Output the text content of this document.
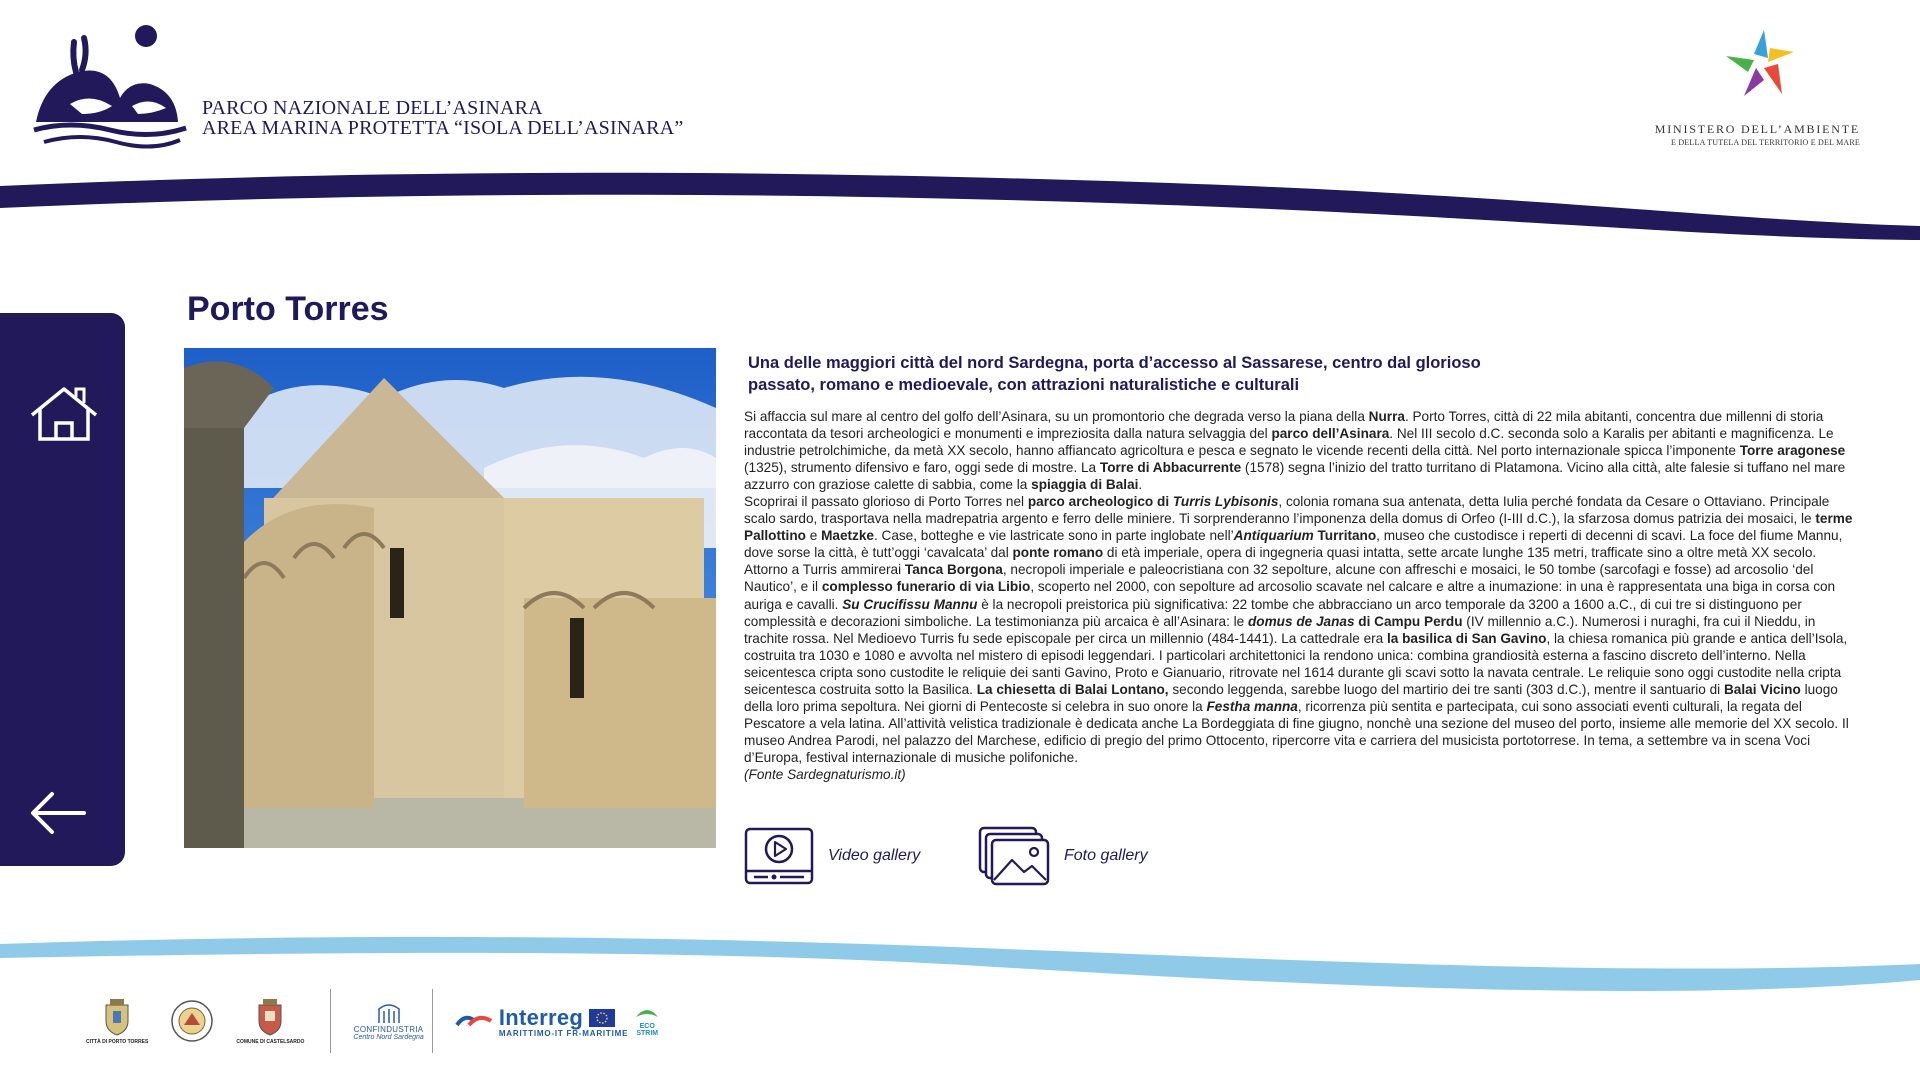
PARCO NAZIONALE DELL’ASINARA
AREA MARINA PROTETTA “ISOLA DELL’ASINARA”	MINISTERO DELL’AMBIENTE
E DELLA TUTELA DEL TERRITORIO E DEL MARE
Porto Torres
Una delle maggiori città del nord Sardegna, porta d’accesso al Sassarese, centro dal glorioso passato, romano e medioevale, con attrazioni naturalistiche e culturali

Si affaccia sul mare al centro del golfo dell’Asinara, su un promontorio che degrada verso la piana della Nurra. Porto Torres, città di 22 mila abitanti, concentra due millenni di storia raccontata da tesori archeologici e monumenti e impreziosita dalla natura selvaggia del parco dell’Asinara. Nel III secolo d.C. seconda solo a Karalis per abitanti e magnificenza. Le industrie petrolchimiche, da metà XX secolo, hanno affiancato agricoltura e pesca e segnato le vicende recenti della città. Nel porto internazionale spicca l’imponente Torre aragonese (1325), strumento difensivo e faro, oggi sede di mostre. La Torre di Abbacurrente (1578) segna l’inizio del tratto turritano di Platamona. Vicino alla città, alte falesie si tuffano nel mare azzurro con graziose calette di sabbia, come la spiaggia di Balai.

Scoprirai il passato glorioso di Porto Torres nel parco archeologico di Turris Lybisonis, colonia romana sua antenata, detta Iulia perché fondata da Cesare o Ottaviano. Principale scalo sardo, trasportava nella madrepatria argento e ferro delle miniere. Ti sorprenderanno l’imponenza della domus di Orfeo (I-III d.C.), la sfarzosa domus patrizia dei mosaici, le terme Pallottino e Maetzke. Case, botteghe e vie lastricate sono in parte inglobate nell’Antiquarium Turritano, museo che custodisce i reperti di decenni di scavi. La foce del fiume Mannu, dove sorse la città, è tutt’oggi ‘cavalcata’ dal ponte romano di età imperiale, opera di ingegneria quasi intatta, sette arcate lunghe 135 metri, trafficate sino a oltre metà XX secolo. Attorno a Turris ammirerai Tanca Borgona, necropoli imperiale e paleocristiana con 32 sepolture, alcune con affreschi e mosaici, le 50 tombe (sarcofagi e fosse) ad arcosolio ‘del Nautico’, e il complesso funerario di via Libio, scoperto nel 2000, con sepolture ad arcosolio scavate nel calcare e altre a inumazione: in una è rappresentata una biga in corsa con auriga e cavalli. Su Crucifissu Mannu è la necropoli preistorica più significativa: 22 tombe che abbracciano un arco temporale da 3200 a 1600 a.C., di cui tre si distinguono per complessità e decorazioni simboliche. La testimonianza più arcaica è all’Asinara: le domus de Janas di Campu Perdu (IV millennio a.C.). Numerosi i nuraghi, fra cui il Nieddu, in trachite rossa. Nel Medioevo Turris fu sede episcopale per circa un millennio (484-1441). La cattedrale era la basilica di San Gavino, la chiesa romanica più grande e antica dell’Isola, costruita tra 1030 e 1080 e avvolta nel mistero di episodi leggendari. I particolari architettonici la rendono unica: combina grandiosità esterna a fascino discreto dell’interno. Nella seicentesca cripta sono custodite le reliquie dei santi Gavino, Proto e Gianuario, ritrovate nel 1614 durante gli scavi sotto la navata centrale. Le reliquie sono oggi custodite nella cripta seicentesca costruita sotto la Basilica. La chiesetta di Balai Lontano, secondo leggenda, sarebbe luogo del martirio dei tre santi (303 d.C.), mentre il santuario di Balai Vicino luogo della loro prima sepoltura. Nei giorni di Pentecoste si celebra in suo onore la Festha manna, ricorrenza più sentita e partecipata, cui sono associati eventi culturali, la regata del Pescatore a vela latina. All’attività velistica tradizionale è dedicata anche La Bordeggiata di fine giugno, nonchè una sezione del museo del porto, insieme alle memorie del XX secolo. Il museo Andrea Parodi, nel palazzo del Marchese, edificio di pregio del primo Ottocento, ripercorre vita e carriera del musicista portotorrese. In tema, a settembre va in scena Voci d’Europa, festival internazionale di musiche polifoniche.

(Fonte Sardegnaturismo.it)

Video gallery	Foto gallery
CITTÀ DI PORTO TORRES	COMUNE DI CASTELSARDO
CONFINDUSTRIA
Centro Nord Sardegna
Interreg
MARITTIMO-IT FR-MARITIME

ECO
STRIM
